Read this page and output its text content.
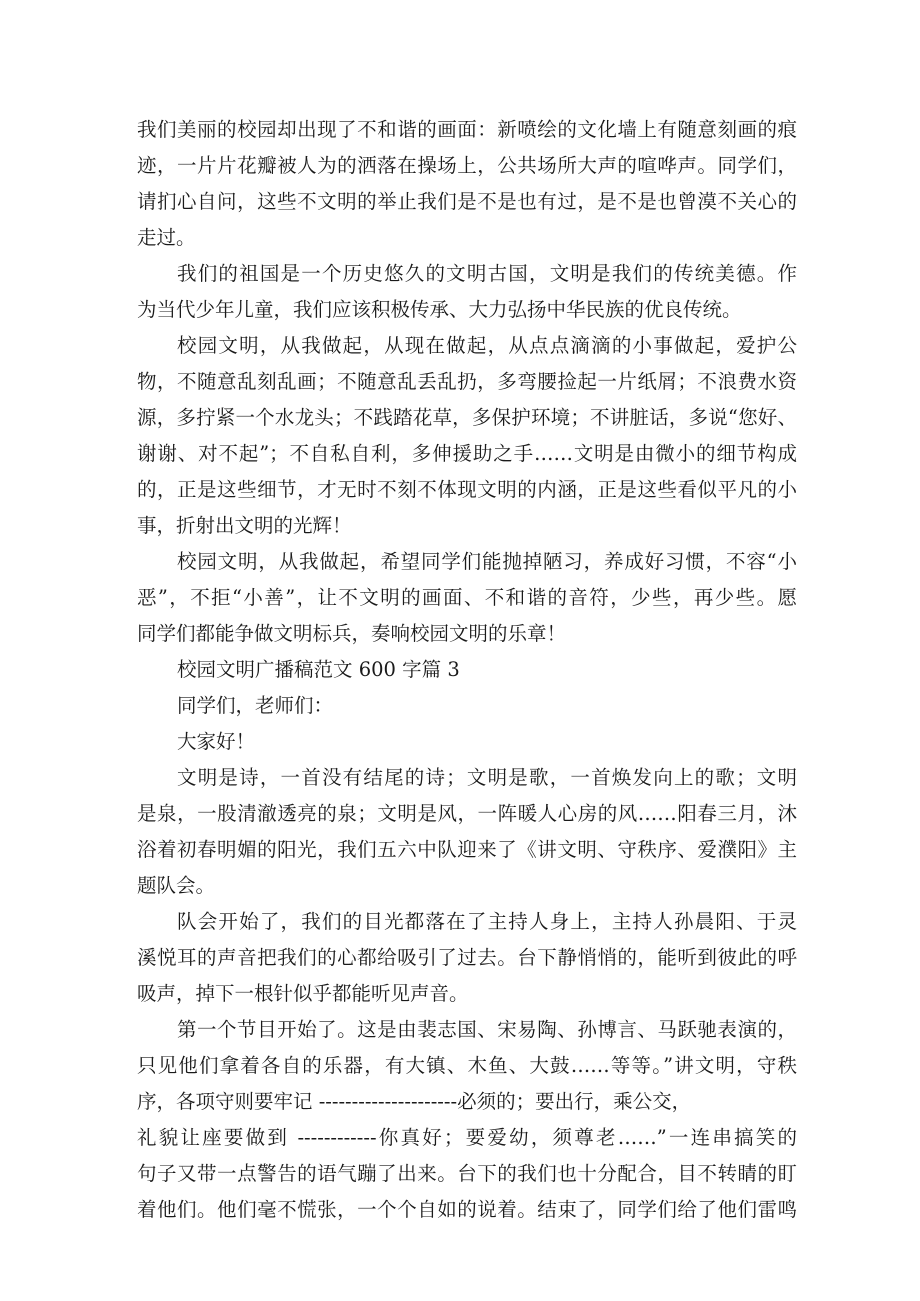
我们美丽的校园却出现了不和谐的画面：新喷绘的文化墙上有随意刻画的痕
迹，一片片花瓣被人为的洒落在操场上，公共场所大声的喧哗声。同学们，
请扪心自问，这些不文明的举止我们是不是也有过，是不是也曾漠不关心的
走过。
我们的祖国是一个历史悠久的文明古国，文明是我们的传统美德。作
为当代少年儿童，我们应该积极传承、大力弘扬中华民族的优良传统。
校园文明，从我做起，从现在做起，从点点滴滴的小事做起，爱护公
物，不随意乱刻乱画；不随意乱丢乱扔，多弯腰捡起一片纸屑；不浪费水资
源，多拧紧一个水龙头；不践踏花草，多保护环境；不讲脏话，多说“您好、
谢谢、对不起”；不自私自利，多伸援助之手……文明是由微小的细节构成
的，正是这些细节，才无时不刻不体现文明的内涵，正是这些看似平凡的小
事，折射出文明的光辉！
校园文明，从我做起，希望同学们能抛掉陋习，养成好习惯，不容“小
恶”，不拒“小善”，让不文明的画面、不和谐的音符，少些，再少些。愿
同学们都能争做文明标兵，奏响校园文明的乐章！
校园文明广播稿范文 600 字篇 3
同学们，老师们：
大家好！
文明是诗，一首没有结尾的诗；文明是歌，一首焕发向上的歌；文明
是泉，一股清澈透亮的泉；文明是风，一阵暖人心房的风……阳春三月，沐
浴着初春明媚的阳光，我们五六中队迎来了《讲文明、守秩序、爱濮阳》主
题队会。
队会开始了，我们的目光都落在了主持人身上，主持人孙晨阳、于灵
溪悦耳的声音把我们的心都给吸引了过去。台下静悄悄的，能听到彼此的呼
吸声，掉下一根针似乎都能听见声音。
第一个节目开始了。这是由裴志国、宋易陶、孙博言、马跃驰表演的，
只见他们拿着各自的乐器，有大镇、木鱼、大鼓……等等。”讲文明，守秩
序，各项守则要牢记 ---------------------必须的；要出行，乘公交，
礼貌让座要做到 ------------你真好；要爱幼，须尊老……”一连串搞笑的
句子又带一点警告的语气蹦了出来。台下的我们也十分配合，目不转睛的盯
着他们。他们毫不慌张，一个个自如的说着。结束了，同学们给了他们雷鸣
